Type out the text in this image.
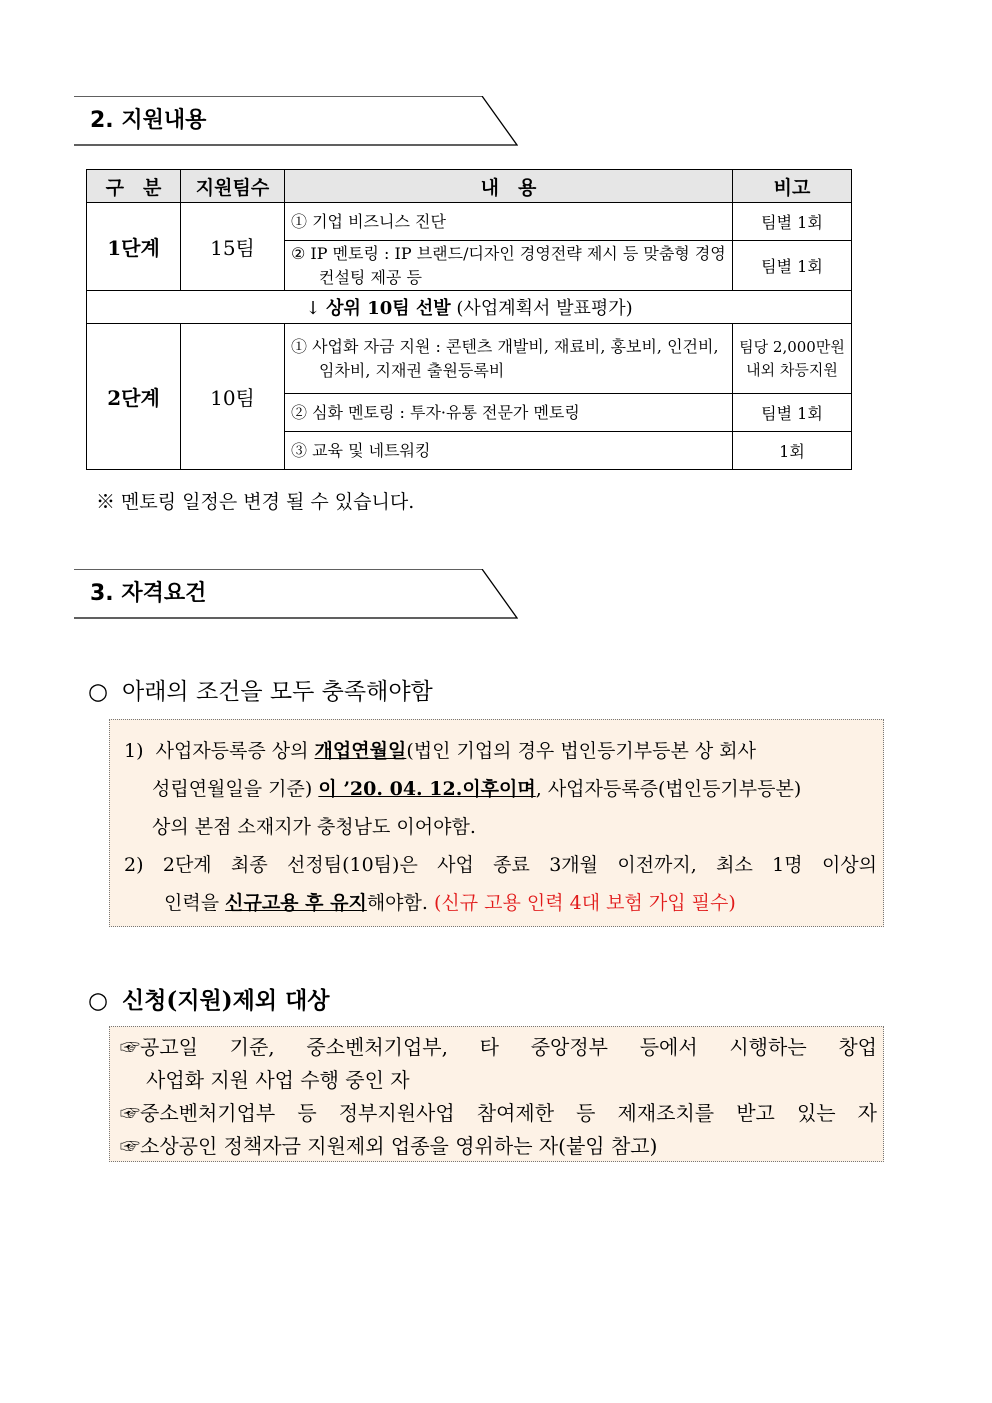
2. 지원내용
구　분	지원팀수	내　용	비고
1단계	15팀	① 기업 비즈니스 진단	팀별 1회

		② IP 멘토링 : IP 브랜드/디자인 경영전략 제시 등 맞춤형 경영컨설팅 제공 등	팀별 1회
↓ 상위 10팀 선발 (사업계획서 발표평가)			
2단계	10팀	① 사업화 자금 지원 : 콘텐츠 개발비, 재료비, 홍보비, 인건비, 임차비, 지재권 출원등록비	팀당 2,000만원 내외 차등지원
		② 심화 멘토링 : 투자·유통 전문가 멘토링	팀별 1회
		③ 교육 및 네트워킹	1회
※ 멘토링 일정은 변경 될 수 있습니다.
3. 자격요건
○ 아래의 조건을 모두 충족해야함
1) 사업자등록증 상의 개업연월일(법인 기업의 경우 법인등기부등본 상 회사
성립연월일을 기준) 이 ’20. 04. 12.이후이며, 사업자등록증(법인등기부등본)
상의 본점 소재지가 충청남도 이어야함.
2) 2단계 최종 선정팀(10팀)은 사업 종료 3개월 이전까지, 최소 1명 이상의
인력을 신규고용 후 유지해야함. (신규 고용 인력 4대 보험 가입 필수)
○ 신청(지원)제외 대상
☞공고일 기준, 중소벤처기업부, 타 중앙정부 등에서 시행하는 창업
사업화 지원 사업 수행 중인 자
☞중소벤처기업부 등 정부지원사업 참여제한 등 제재조치를 받고 있는 자
☞소상공인 정책자금 지원제외 업종을 영위하는 자(붙임 참고)
